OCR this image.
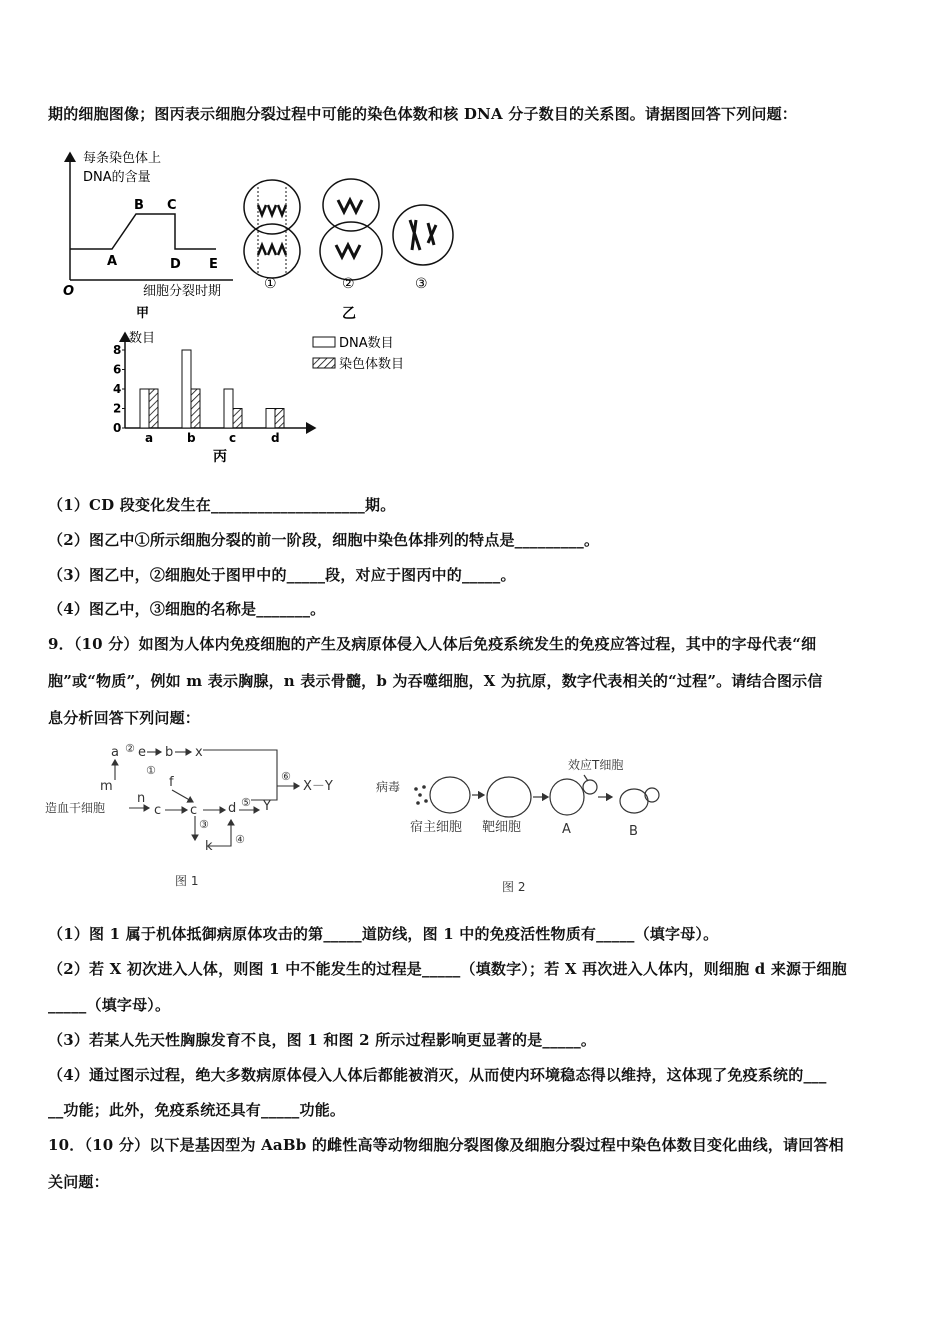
期的细胞图像；图丙表示细胞分裂过程中可能的染色体数和核 DNA 分子数目的关系图。请据图回答下列问题：
每条染色体上
DNA的含量
A
B C
D E
O	细胞分裂时期
甲
①	②	③
乙
数目
8
6
4
2
0
a	b	c	d
DNA数目
染色体数目
丙
（1）CD 段变化发生在____________________期。
（2）图乙中①所示细胞分裂的前一阶段，细胞中染色体排列的特点是_________。
（3）图乙中，②细胞处于图甲中的_____段，对应于图丙中的_____。
（4）图乙中，③细胞的名称是_______。
9．（10 分）如图为人体内免疫细胞的产生及病原体侵入人体后免疫系统发生的免疫应答过程，其中的字母代表“细
胞”或“物质”，例如 m 表示胸腺，n 表示骨髓，b 为吞噬细胞，X 为抗原，数字代表相关的“过程”。请结合图示信
息分析回答下列问题：
造血干细胞
a ② e b x
①
f
m
n
c c d ⑤ Y
⑥
X－Y
③
④
k
图 1
病毒
宿主细胞 靶细胞
效应T细胞
A	B
图 2
（1）图 1 属于机体抵御病原体攻击的第_____道防线，图 1 中的免疫活性物质有_____（填字母）。
（2）若 X 初次进入人体，则图 1 中不能发生的过程是_____（填数字）；若 X 再次进入人体内，则细胞 d 来源于细胞
_____（填字母）。
（3）若某人先天性胸腺发育不良，图 1 和图 2 所示过程影响更显著的是_____。
（4）通过图示过程，绝大多数病原体侵入人体后都能被消灭，从而使内环境稳态得以维持，这体现了免疫系统的___
__功能；此外，免疫系统还具有_____功能。
10．（10 分）以下是基因型为 AaBb 的雌性高等动物细胞分裂图像及细胞分裂过程中染色体数目变化曲线，请回答相
关问题：
